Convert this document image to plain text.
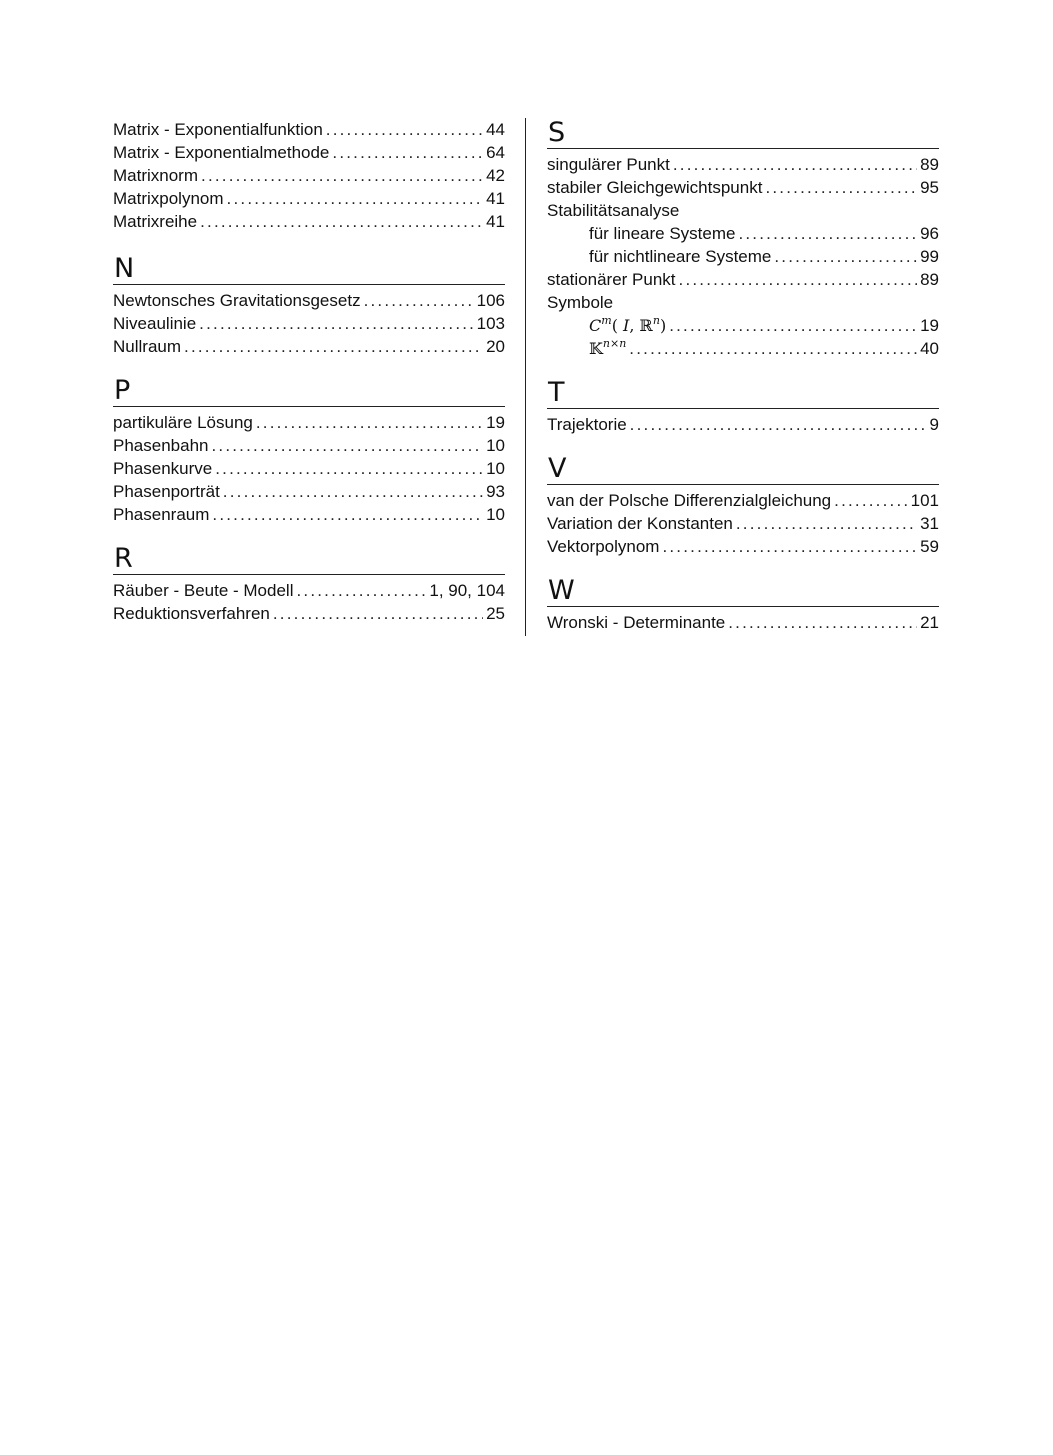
Matrix - Exponentialfunktion .....	44
Matrix - Exponentialmethode .....	64
Matrixnorm .....	42
Matrixpolynom .....	41
Matrixreihe .....	41
N
Newtonsches Gravitationsgesetz .....	106
Niveaulinie .....	103
Nullraum .....	20
P
partikuläre Lösung .....	19
Phasenbahn .....	10
Phasenkurve .....	10
Phasenporträt .....	93
Phasenraum .....	10
R
Räuber - Beute - Modell .....	1, 90, 104
Reduktionsverfahren .....	25
S
singulärer Punkt .....	89
stabiler Gleichgewichtspunkt .....	95
Stabilitätsanalyse
für lineare Systeme .....	96
für nichtlineare Systeme .....	99
stationärer Punkt .....	89
Symbole
$C^m$( I, ℝ$^n$) .....	19
𝕂$^{n\times n}$ .....	40
T
Trajektorie .....	9
V
van der Polsche Differenzialgleichung .....	101
Variation der Konstanten .....	31
Vektorpolynom .....	59
W
Wronski - Determinante .....	21
